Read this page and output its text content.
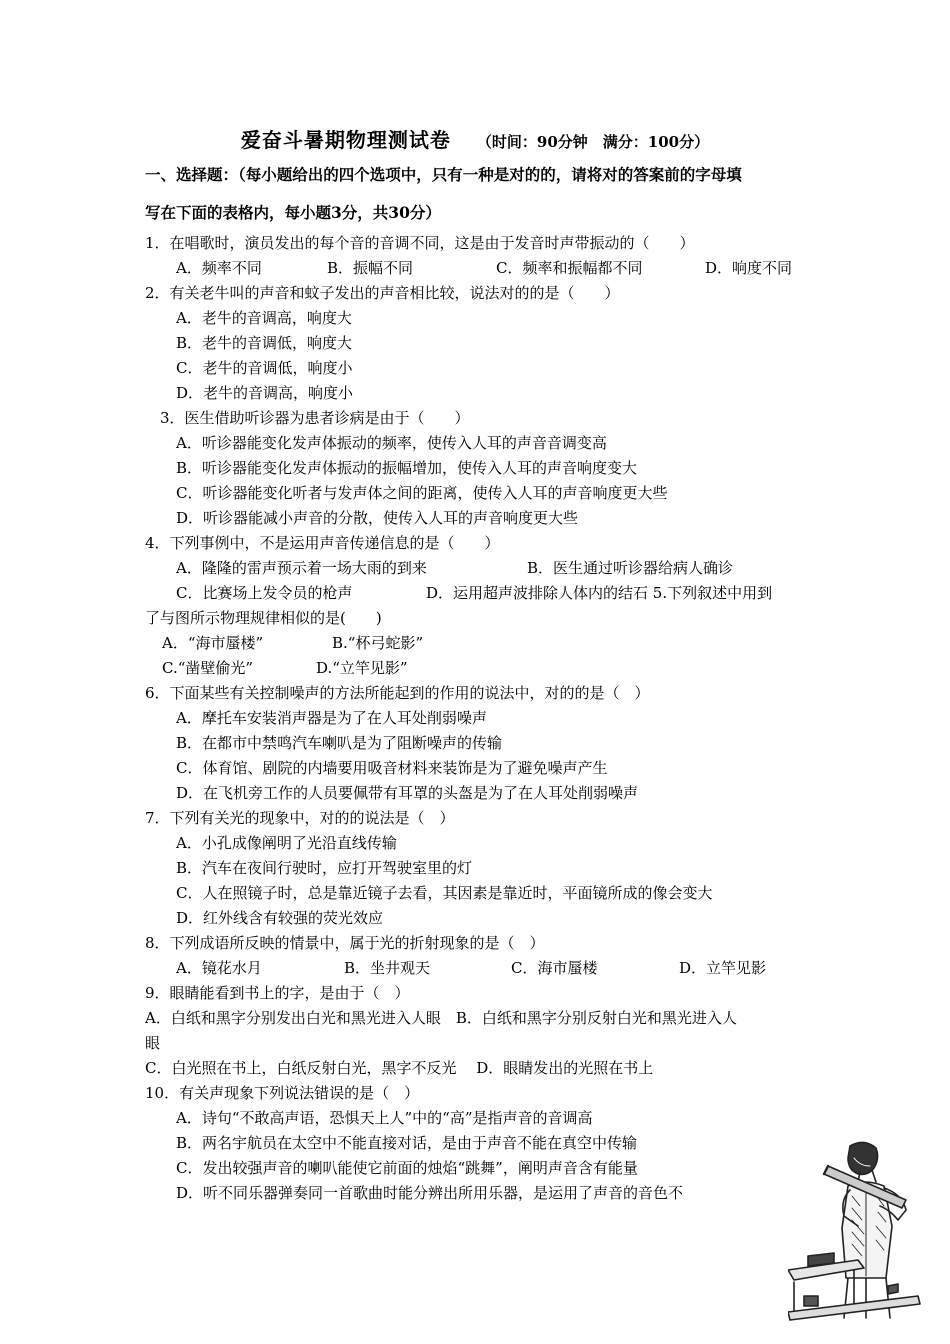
爱奋斗暑期物理测试卷 （时间：90分钟　满分：100分）
一、选择题：（每小题给出的四个选项中，只有一种是对的的，请将对的答案前的字母填
写在下面的表格内，每小题3分，共30分）
1．在唱歌时，演员发出的每个音的音调不同，这是由于发音时声带振动的（　　）
A．频率不同	B．振幅不同	C．频率和振幅都不同	D．响度不同
2．有关老牛叫的声音和蚊子发出的声音相比较，说法对的的是（　　）
A．老牛的音调高，响度大
B．老牛的音调低，响度大
C．老牛的音调低，响度小
D．老牛的音调高，响度小
3．医生借助听诊器为患者诊病是由于（　　）
A．听诊器能变化发声体振动的频率，使传入人耳的声音音调变高
B．听诊器能变化发声体振动的振幅增加，使传入人耳的声音响度变大
C．听诊器能变化听者与发声体之间的距离，使传入人耳的声音响度更大些
D．听诊器能减小声音的分散，使传入人耳的声音响度更大些
4．下列事例中，不是运用声音传递信息的是（　　）
A．隆隆的雷声预示着一场大雨的到来	B．医生通过听诊器给病人确诊
C．比赛场上发令员的枪声	D．运用超声波排除人体内的结石 5.下列叙述中用到
了与图所示物理规律相似的是(　　)
A．“海市蜃楼”	B.“杯弓蛇影”
C.“凿壁偷光”	D.“立竿见影”
6．下面某些有关控制噪声的方法所能起到的作用的说法中，对的的是（　）
A．摩托车安装消声器是为了在人耳处削弱噪声
B．在都市中禁鸣汽车喇叭是为了阻断噪声的传输
C．体育馆、剧院的内墙要用吸音材料来装饰是为了避免噪声产生
D．在飞机旁工作的人员要佩带有耳罩的头盔是为了在人耳处削弱噪声
7．下列有关光的现象中，对的的说法是（　）
A．小孔成像阐明了光沿直线传输
B．汽车在夜间行驶时，应打开驾驶室里的灯
C．人在照镜子时，总是靠近镜子去看，其因素是靠近时，平面镜所成的像会变大
D．红外线含有较强的荧光效应
8．下列成语所反映的情景中，属于光的折射现象的是（　）
A．镜花水月	B．坐井观天	C．海市蜃楼	D．立竿见影
9．眼睛能看到书上的字，是由于（　）
A．白纸和黑字分别发出白光和黑光进入人眼　B．白纸和黑字分别反射白光和黑光进入人
眼
C．白光照在书上，白纸反射白光，黑字不反光　 D．眼睛发出的光照在书上
10．有关声现象下列说法错误的是（　）
A．诗句“不敢高声语，恐惧天上人”中的“高”是指声音的音调高
B．两名宇航员在太空中不能直接对话，是由于声音不能在真空中传输
C．发出较强声音的喇叭能使它前面的烛焰“跳舞”，阐明声音含有能量
D．听不同乐器弹奏同一首歌曲时能分辨出所用乐器，是运用了声音的音色不
